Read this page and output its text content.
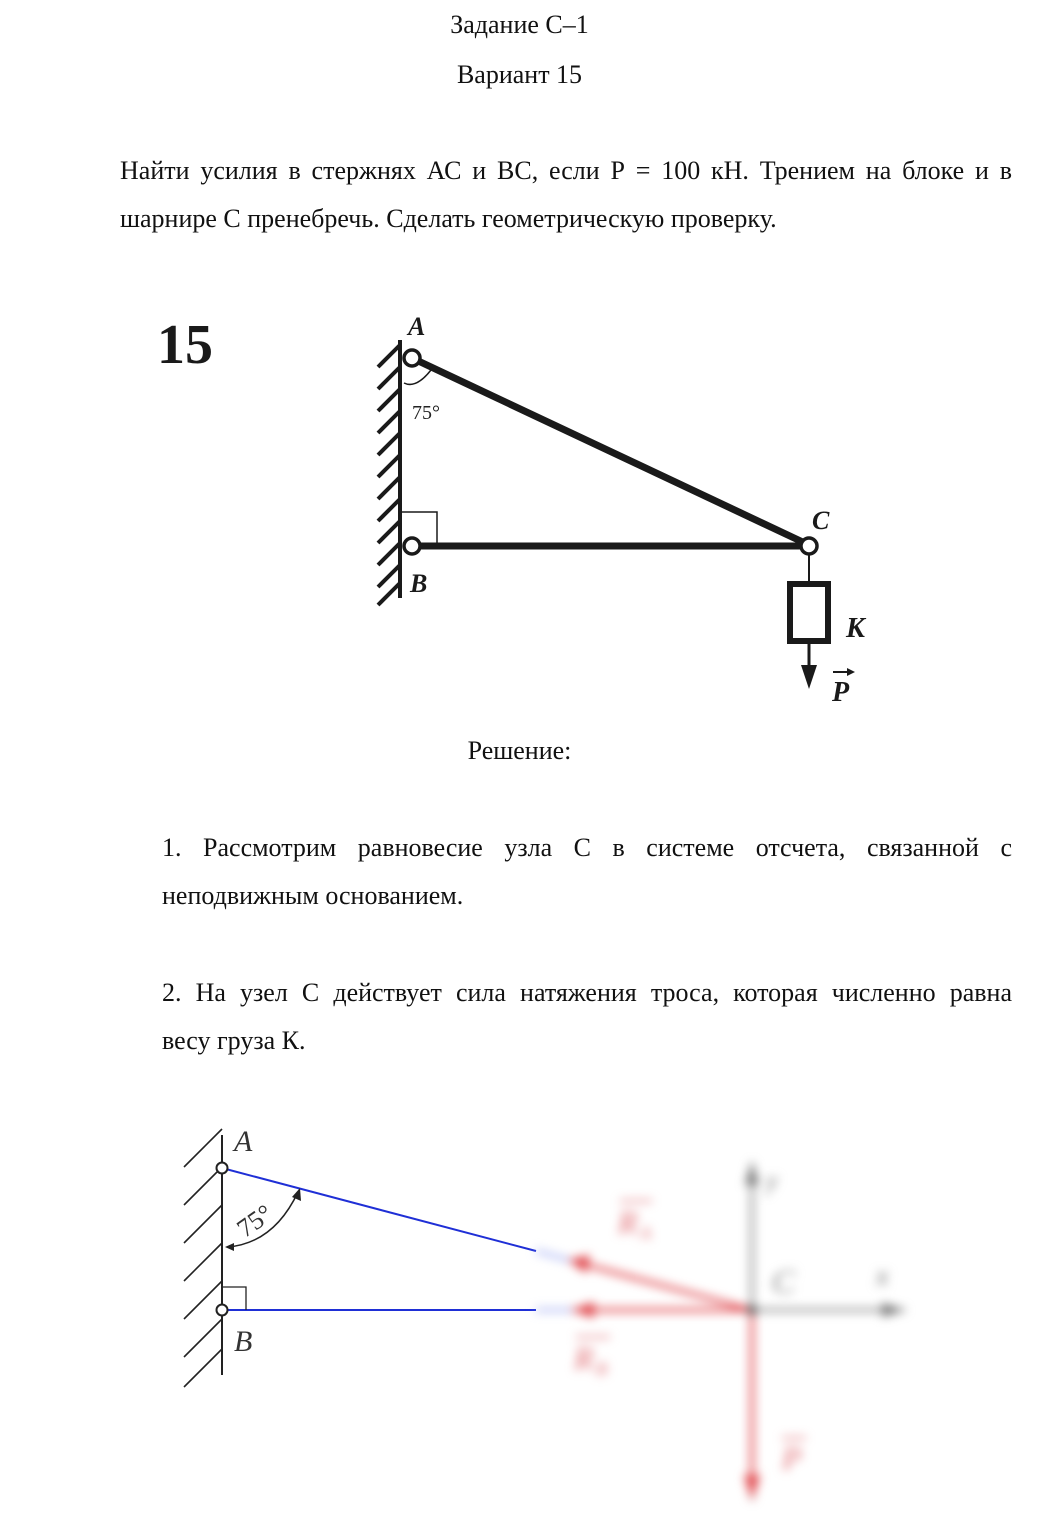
Задание С–1
Вариант 15
Найти усилия в стержнях АС и ВС, если Р = 100 кН. Трением на блоке и в
шарнире С пренебречь. Сделать геометрическую проверку.
15
75°
A
B
C
К
P
Решение:
1. Рассмотрим равновесие узла С в системе отсчета, связанной с
неподвижным основанием.
2. На узел С действует сила натяжения троса, которая численно равна
весу груза К.
75°
A
B
y
x
C
R A
R B
P
